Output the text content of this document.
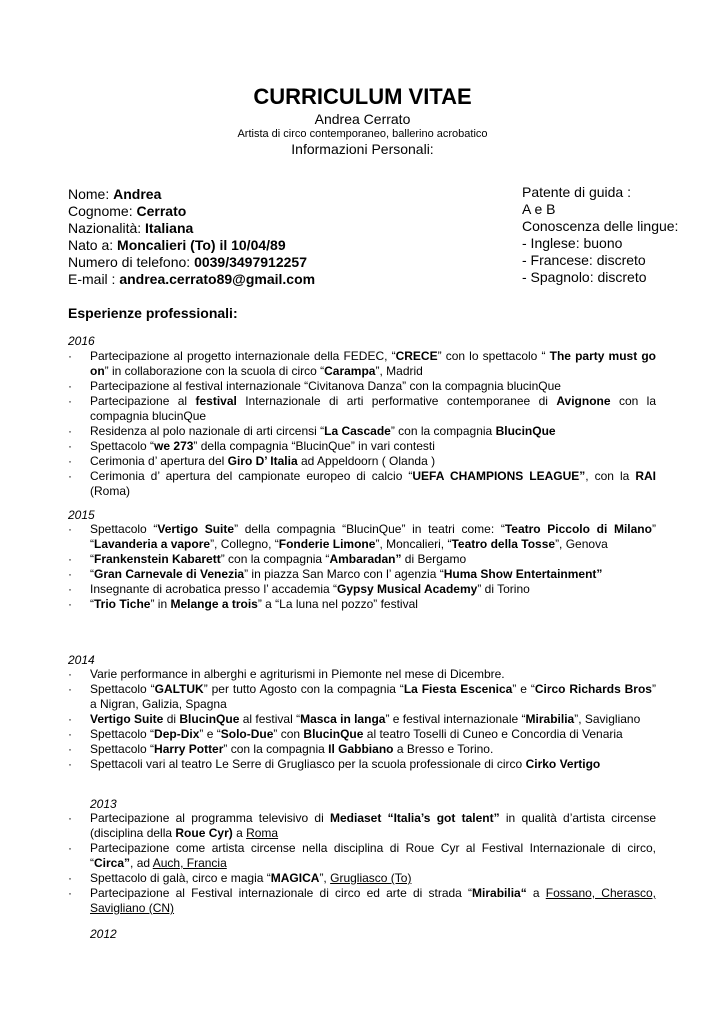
CURRICULUM VITAE
Andrea Cerrato
Artista di circo contemporaneo, ballerino acrobatico
Informazioni Personali:
Nome: Andrea
Cognome: Cerrato
Nazionalità: Italiana
Nato a: Moncalieri (To) il 10/04/89
Numero di telefono: 0039/3497912257
E-mail : andrea.cerrato89@gmail.com
Patente di guida :
A e B
Conoscenza delle lingue:
- Inglese: buono
- Francese: discreto
- Spagnolo: discreto
Esperienze professionali:
2016
· Partecipazione al progetto internazionale della FEDEC, “CRECE” con lo spettacolo “ The party must go on” in collaborazione con la scuola di circo “Carampa”, Madrid
· Partecipazione al festival internazionale “Civitanova Danza” con la compagnia blucinQue
· Partecipazione al festival Internazionale di arti performative contemporanee di Avignone con la compagnia blucinQue
· Residenza al polo nazionale di arti circensi “La Cascade” con la compagnia BlucinQue
· Spettacolo “we 273” della compagnia “BlucinQue” in vari contesti
· Cerimonia d’ apertura del Giro D’ Italia ad Appeldoorn ( Olanda )
· Cerimonia d’ apertura del campionate europeo di calcio “UEFA CHAMPIONS LEAGUE”, con la RAI (Roma)
2015
· Spettacolo “Vertigo Suite” della compagnia “BlucinQue” in teatri come: “Teatro Piccolo di Milano” “Lavanderia a vapore”, Collegno, “Fonderie Limone”, Moncalieri, “Teatro della Tosse”, Genova
· “Frankenstein Kabarett” con la compagnia “Ambaradan” di Bergamo
· “Gran Carnevale di Venezia” in piazza San Marco con l’ agenzia “Huma Show Entertainment”
· Insegnante di acrobatica presso l’ accademia “Gypsy Musical Academy” di Torino
· “Trio Tiche” in Melange a trois” a “La luna nel pozzo” festival
2014
· Varie performance in alberghi e agriturismi in Piemonte nel mese di Dicembre.
· Spettacolo “GALTUK” per tutto Agosto con la compagnia “La Fiesta Escenica” e “Circo Richards Bros” a Nigran, Galizia, Spagna
· Vertigo Suite di BlucinQue al festival “Masca in langa” e festival internazionale “Mirabilia”, Savigliano
· Spettacolo “Dep-Dix” e “Solo-Due” con BlucinQue al teatro Toselli di Cuneo e Concordia di Venaria
· Spettacolo “Harry Potter” con la compagnia Il Gabbiano a Bresso e Torino.
· Spettacoli vari al teatro Le Serre di Grugliasco per la scuola professionale di circo Cirko Vertigo
2013
· Partecipazione al programma televisivo di Mediaset “Italia’s got talent” in qualità d’artista circense (disciplina della Roue Cyr) a Roma
· Partecipazione come artista circense nella disciplina di Roue Cyr al Festival Internazionale di circo, “Circa”, ad Auch, Francia
· Spettacolo di galà, circo e magia “MAGICA”, Grugliasco (To)
· Partecipazione al Festival internazionale di circo ed arte di strada “Mirabilia“ a Fossano, Cherasco, Savigliano (CN)
2012
